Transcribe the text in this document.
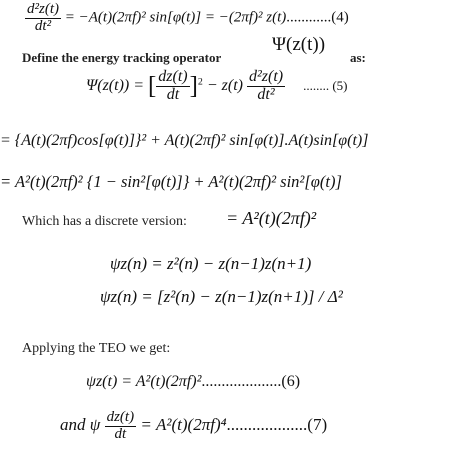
$\frac{\text{d²z(t)}}{\text{dt²}} = -A(t)(2\pi f)^2$ sin[φ(t)] = −(2πf)² z(t)............(4)
Define the energy tracking operator
Ψ(z(t))
as:
Ψ(z(t)) = [ $\frac{dz(t)}{dt} ]^2 - z(t) \frac{\text{d²z(t)}}{\text{dt²}}$ ........ (5)
= {A(t)(2πf)cos[φ(t)]}² + A(t)(2πf)² sin[φ(t)].A(t)sin[φ(t)]
= A²(t)(2πf)² {1 − sin²[φ(t)]} + A²(t)(2πf)² sin²[φ(t)]
Which has a discrete version: = A²(t)(2πf)²
ψz(n) = z²(n) − z(n−1)z(n+1)
ψz(n) = [z²(n) − z(n−1)z(n+1)] / Δ²
Applying the TEO we get:
ψz(t) = A²(t)(2πf)²....................(6)
and ψ $\frac{dz(t)}{dt} = A^2(t)(2\pi f)^4...................(7)$
